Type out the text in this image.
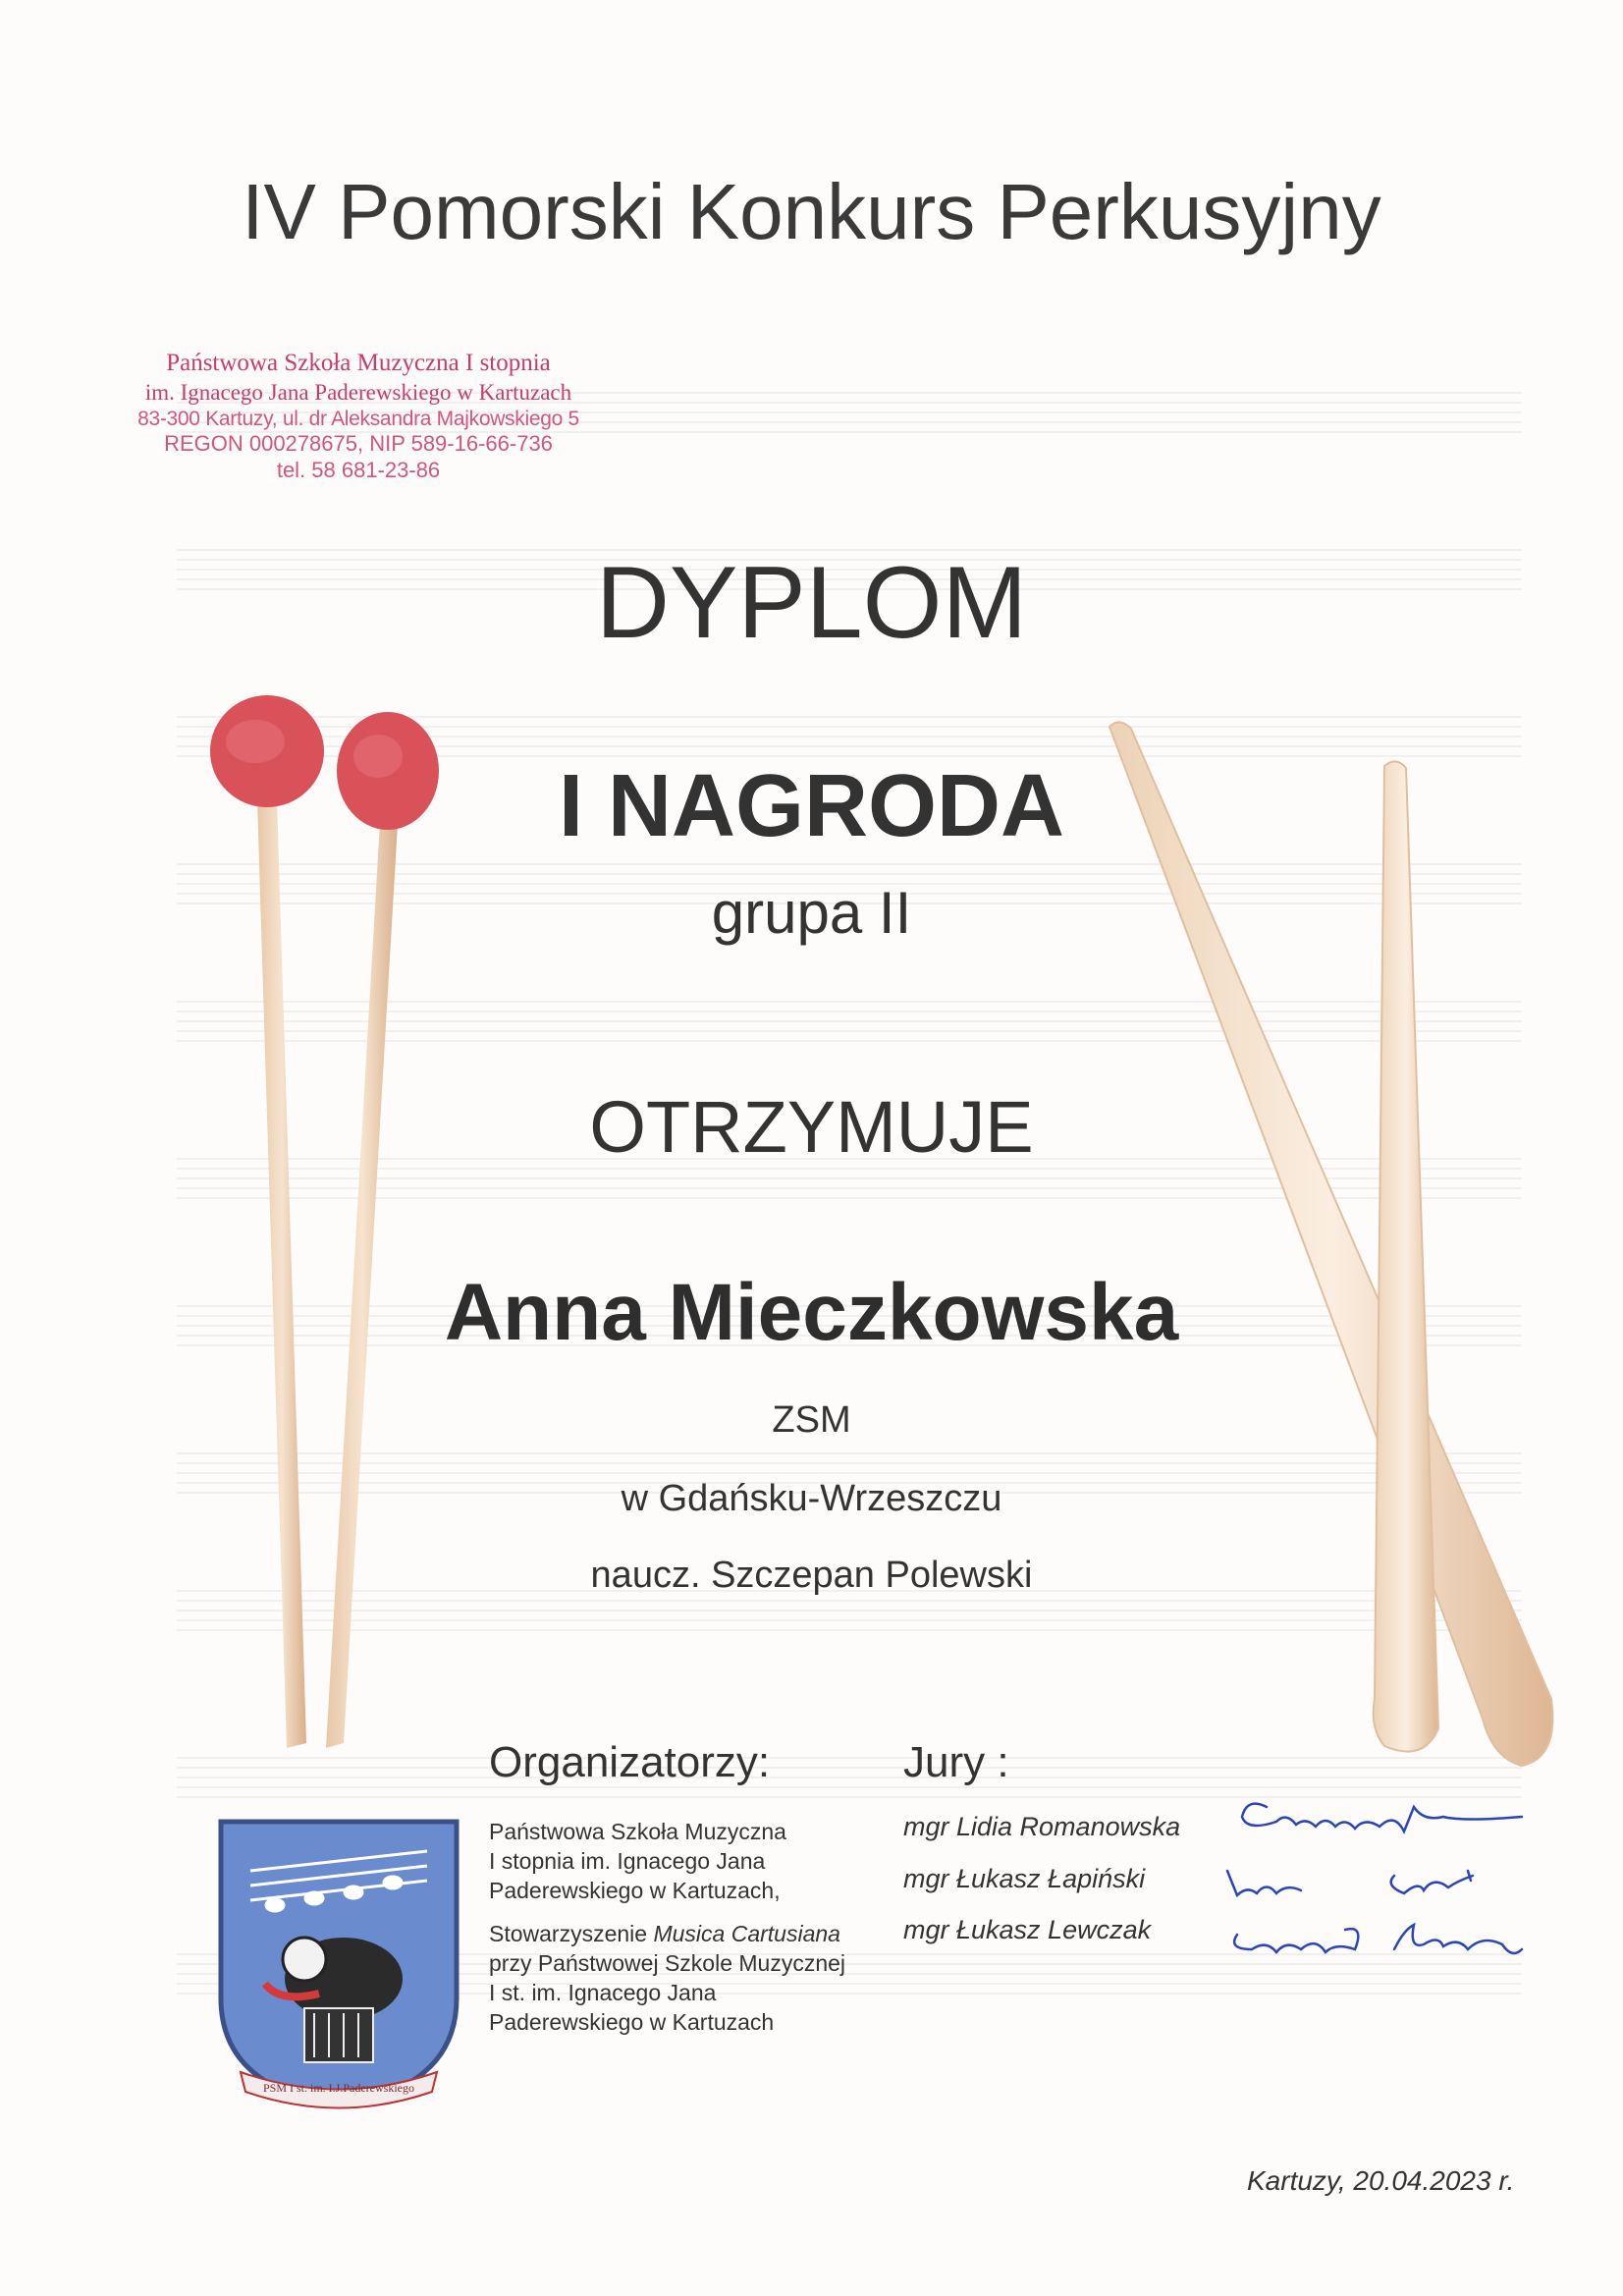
IV Pomorski Konkurs Perkusyjny
Państwowa Szkoła Muzyczna I stopnia
im. Ignacego Jana Paderewskiego w Kartuzach
83-300 Kartuzy, ul. dr Aleksandra Majkowskiego 5
REGON 000278675, NIP 589-16-66-736
tel. 58 681-23-86
DYPLOM
I NAGRODA
grupa II
OTRZYMUJE
Anna Mieczkowska
ZSM
w Gdańsku-Wrzeszczu
naucz. Szczepan Polewski
PSM I st. im. I.J.Paderewskiego
Organizatorzy:

Państwowa Szkoła Muzyczna

I stopnia im. Ignacego Jana

Paderewskiego w Kartuzach,

Stowarzyszenie Musica Cartusiana

przy Państwowej Szkole Muzycznej

I st. im. Ignacego Jana

Paderewskiego w Kartuzach

Jury :
mgr Lidia Romanowska
mgr Łukasz Łapiński
mgr Łukasz Lewczak
Kartuzy, 20.04.2023 r.
